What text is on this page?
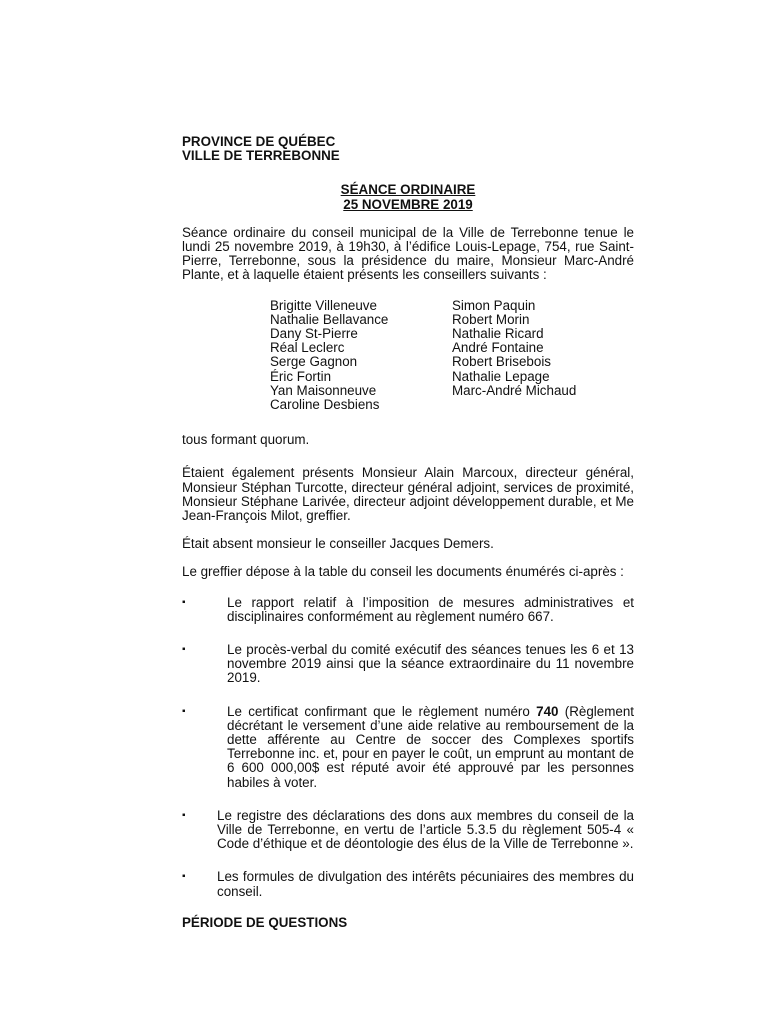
PROVINCE DE QUÉBEC
VILLE DE TERREBONNE
SÉANCE ORDINAIRE
25 NOVEMBRE 2019
Séance ordinaire du conseil municipal de la Ville de Terrebonne tenue le lundi 25 novembre 2019, à 19h30, à l’édifice Louis-Lepage, 754, rue Saint-Pierre, Terrebonne, sous la présidence du maire, Monsieur Marc-André Plante, et à laquelle étaient présents les conseillers suivants :
Brigitte Villeneuve
Nathalie Bellavance
Dany St-Pierre
Réal Leclerc
Serge Gagnon
Éric Fortin
Yan Maisonneuve
Caroline Desbiens
Simon Paquin
Robert Morin
Nathalie Ricard
André Fontaine
Robert Brisebois
Nathalie Lepage
Marc-André Michaud
tous formant quorum.
Étaient également présents Monsieur Alain Marcoux, directeur général, Monsieur Stéphan Turcotte, directeur général adjoint, services de proximité, Monsieur Stéphane Larivée, directeur adjoint développement durable, et Me Jean-François Milot, greffier.
Était absent monsieur le conseiller Jacques Demers.
Le greffier dépose à la table du conseil les documents énumérés ci-après :
▪	Le rapport relatif à l’imposition de mesures administratives et disciplinaires conformément au règlement numéro 667.
▪	Le procès-verbal du comité exécutif des séances tenues les 6 et 13 novembre 2019 ainsi que la séance extraordinaire du 11 novembre 2019.
▪	Le certificat confirmant que le règlement numéro 740 (Règlement décrétant le versement d’une aide relative au remboursement de la dette afférente au Centre de soccer des Complexes sportifs Terrebonne inc. et, pour en payer le coût, un emprunt au montant de 6 600 000,00$ est réputé avoir été approuvé par les personnes habiles à voter.
▪	Le registre des déclarations des dons aux membres du conseil de la Ville de Terrebonne, en vertu de l’article 5.3.5 du règlement 505-4 « Code d’éthique et de déontologie des élus de la Ville de Terrebonne ».
▪	Les formules de divulgation des intérêts pécuniaires des membres du conseil.
PÉRIODE DE QUESTIONS
